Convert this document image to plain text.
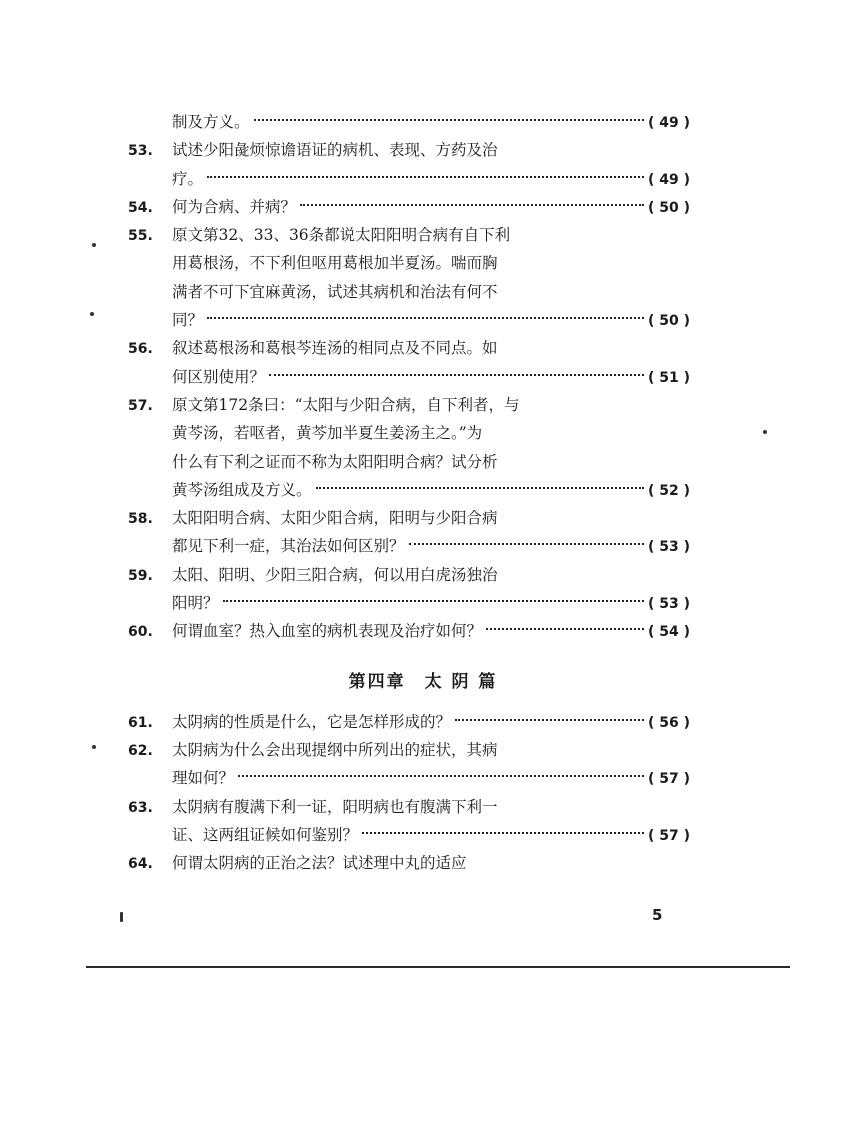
制及方义。	( 49 )
53. 试述少阳彘烦惊谵语证的病机、表现、方药及治
疗。	( 49 )
54.	何为合病、并病？	( 50 )
55. 原文第32、33、36条都说太阳阳明合病有自下利
用葛根汤，不下利但呕用葛根加半夏汤。喘而胸
满者不可下宜麻黄汤，试述其病机和治法有何不
同？	( 50 )
56. 叙述葛根汤和葛根芩连汤的相同点及不同点。如
何区别使用？	( 51 )
57. 原文第172条曰：“太阳与少阳合病，自下利者，与
黄芩汤，若呕者，黄芩加半夏生姜汤主之。”为
什么有下利之证而不称为太阳阳明合病？试分析
黄芩汤组成及方义。	( 52 )
58. 太阳阳明合病、太阳少阳合病，阳明与少阳合病
都见下利一症，其治法如何区别？	( 53 )
59. 太阳、阳明、少阳三阳合病，何以用白虎汤独治
阳明？	( 53 )
60.	何谓血室？热入血室的病机表现及治疗如何？	( 54 )
第四章　太 阴 篇
61.	太阴病的性质是什么，它是怎样形成的？	( 56 )
62. 太阴病为什么会出现提纲中所列出的症状，其病
理如何？	( 57 )
63. 太阴病有腹满下利一证，阳明病也有腹满下利一
证、这两组证候如何鉴别？	( 57 )
64. 何谓太阴病的正治之法？试述理中丸的适应
5
